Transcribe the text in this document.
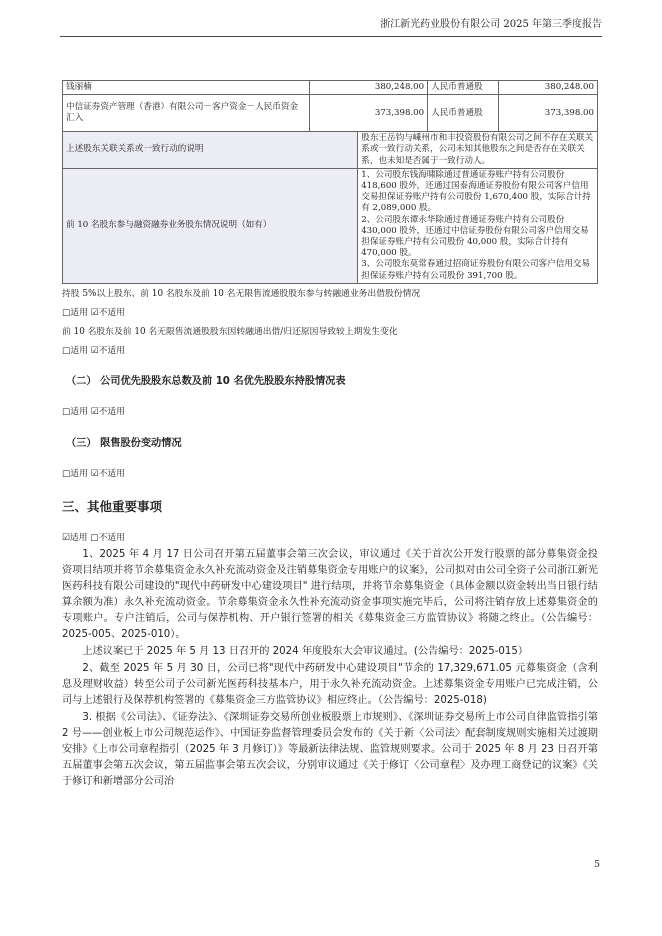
浙江新光药业股份有限公司 2025 年第三季度报告
钱丽楠	380,248.00		人民币普通股 380,248.00

中信证券资产管理（香港）有限公司－客户资金－人民币资金汇入	373,398.00		人民币普通股 373,398.00

上述股东关联关系或一致行动的说明		股东王岳钧与嵊州市和丰投资股份有限公司之间不存在关联关系或一致行动关系，公司未知其他股东之间是否存在关联关系，也未知是否属于一致行动人。	
前 10 名股东参与融资融券业务股东情况说明（如有）		1、公司股东钱海啸除通过普通证券账户持有公司股份 418,600 股外，还通过国泰海通证券股份有限公司客户信用交易担保证券账户持有公司股份 1,670,400 股，实际合计持有 2,089,000 股。
2、公司股东谭永华除通过普通证券账户持有公司股份 430,000 股外，还通过中信证券股份有限公司客户信用交易担保证券账户持有公司股份 40,000 股，实际合计持有 470,000 股。
3、公司股东莫常春通过招商证券股份有限公司客户信用交易担保证券账户持有公司股份 391,700 股。	
持股 5%以上股东、前 10 名股东及前 10 名无限售流通股股东参与转融通业务出借股份情况
□适用 ☑不适用
前 10 名股东及前 10 名无限售流通股股东因转融通出借/归还原因导致较上期发生变化
□适用 ☑不适用
（二） 公司优先股股东总数及前 10 名优先股股东持股情况表
□适用 ☑不适用
（三） 限售股份变动情况
□适用 ☑不适用
三、其他重要事项
☑适用 □不适用

1、2025 年 4 月 17 日公司召开第五届董事会第三次会议，审议通过《关于首次公开发行股票的部分募集资金投资项目结项并将节余募集资金永久补充流动资金及注销募集资金专用账户的议案》，公司拟对由公司全资子公司浙江新光医药科技有限公司建设的"现代中药研发中心建设项目" 进行结项，并将节余募集资金（具体金额以资金转出当日银行结算余额为准）永久补充流动资金。节余募集资金永久性补充流动资金事项实施完毕后，公司将注销存放上述募集资金的专项账户。专户注销后，公司与保荐机构、开户银行签署的相关《募集资金三方监管协议》将随之终止。（公告编号：2025-005、2025-010）。

上述议案已于 2025 年 5 月 13 日召开的 2024 年度股东大会审议通过。(公告编号：2025-015）

2、截至 2025 年 5 月 30 日，公司已将"现代中药研发中心建设项目"节余的 17,329,671.05 元募集资金（含利息及理财收益）转至公司子公司新光医药科技基本户，用于永久补充流动资金。上述募集资金专用账户已完成注销，公司与上述银行及保荐机构签署的《募集资金三方监管协议》相应终止。（公告编号：2025-018)

3. 根据《公司法》、《证券法》、《深圳证券交易所创业板股票上市规则》、《深圳证券交易所上市公司自律监管指引第 2 号——创业板上市公司规范运作》、中国证券监督管理委员会发布的《关于新〈公司法〉配套制度规则实施相关过渡期安排》《上市公司章程指引（2025 年 3 月修订）》等最新法律法规、监管规则要求。公司于 2025 年 8 月 23 日召开第五届董事会第五次会议，第五届监事会第五次会议，分别审议通过《关于修订〈公司章程〉及办理工商登记的议案》《关于修订和新增部分公司治

5
